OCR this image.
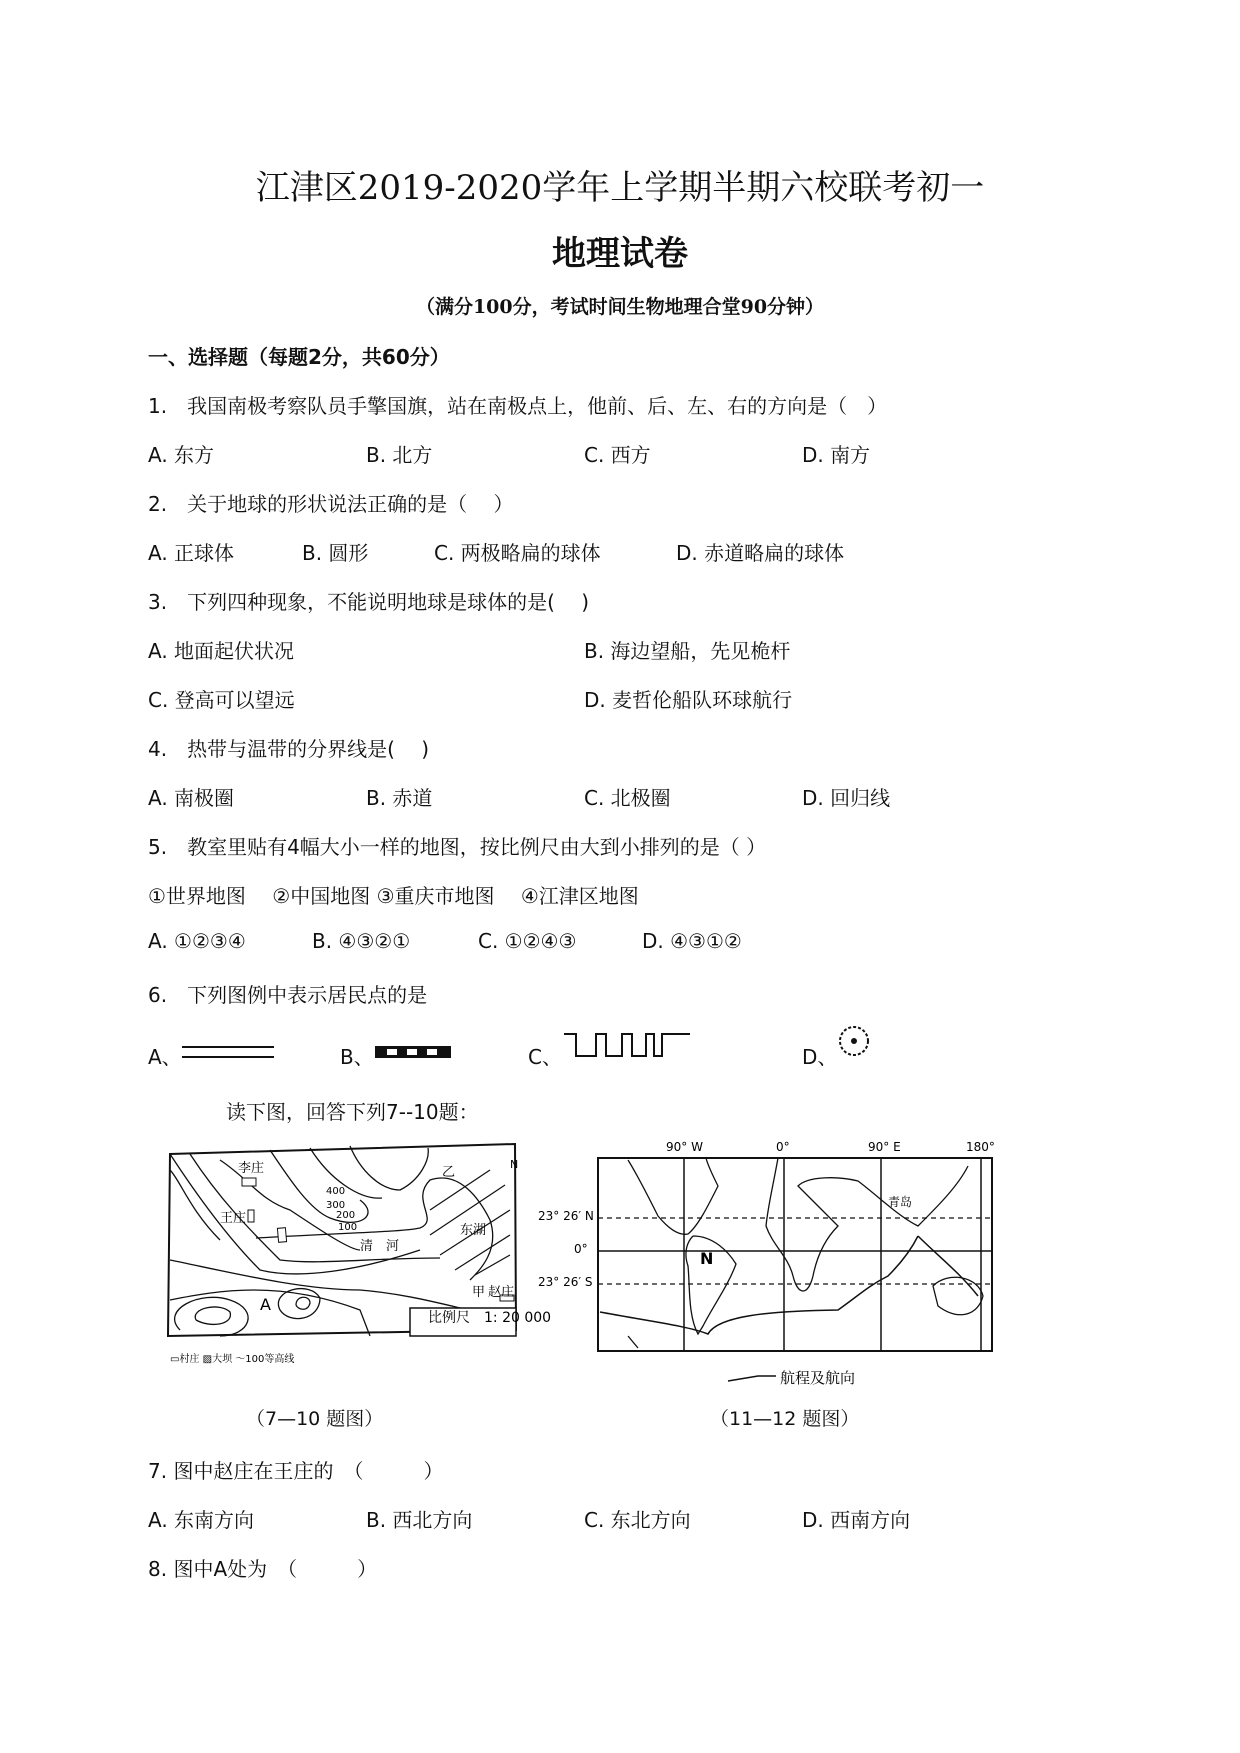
江津区2019-2020学年上学期半期六校联考初一
地理试卷
（满分100分，考试时间生物地理合堂90分钟）
一、选择题（每题2分，共60分）
1.　我国南极考察队员手擎国旗，站在南极点上，他前、后、左、右的方向是（　）
A. 东方	B. 北方	C. 西方	D. 南方
2.　关于地球的形状说法正确的是（　 ）
A. 正球体	B. 圆形	C. 两极略扁的球体	D. 赤道略扁的球体
3.　下列四种现象，不能说明地球是球体的是(　 )
A. 地面起伏状况	B. 海边望船，先见桅杆
C. 登高可以望远	D. 麦哲伦船队环球航行
4.　热带与温带的分界线是(　 )
A. 南极圈	B. 赤道	C. 北极圈	D. 回归线
5.　教室里贴有4幅大小一样的地图，按比例尺由大到小排列的是（ ）
①世界地图　 ②中国地图 ③重庆市地图　 ④江津区地图
A. ①②③④	B. ④③②①	C. ①②④③	D. ④③①②
6.　下列图例中表示居民点的是
A、	B、	C、	D、
读下图，回答下列7--10题：
比例尺　1: 20 000
李庄
王庄
赵庄
甲
乙
东湖
清　河
A
N
400
300
200
100
▭村庄 ▨大坝 〜100等高线
（7—10 题图）
90° W	0°	90° E	180°
23° 26′ N
0°
23° 26′ S
N
青岛
航程及航向
（11—12 题图）
7. 图中赵庄在王庄的　（　　　）
A. 东南方向	B. 西北方向	C. 东北方向	D. 西南方向
8. 图中A处为　（　　　）
